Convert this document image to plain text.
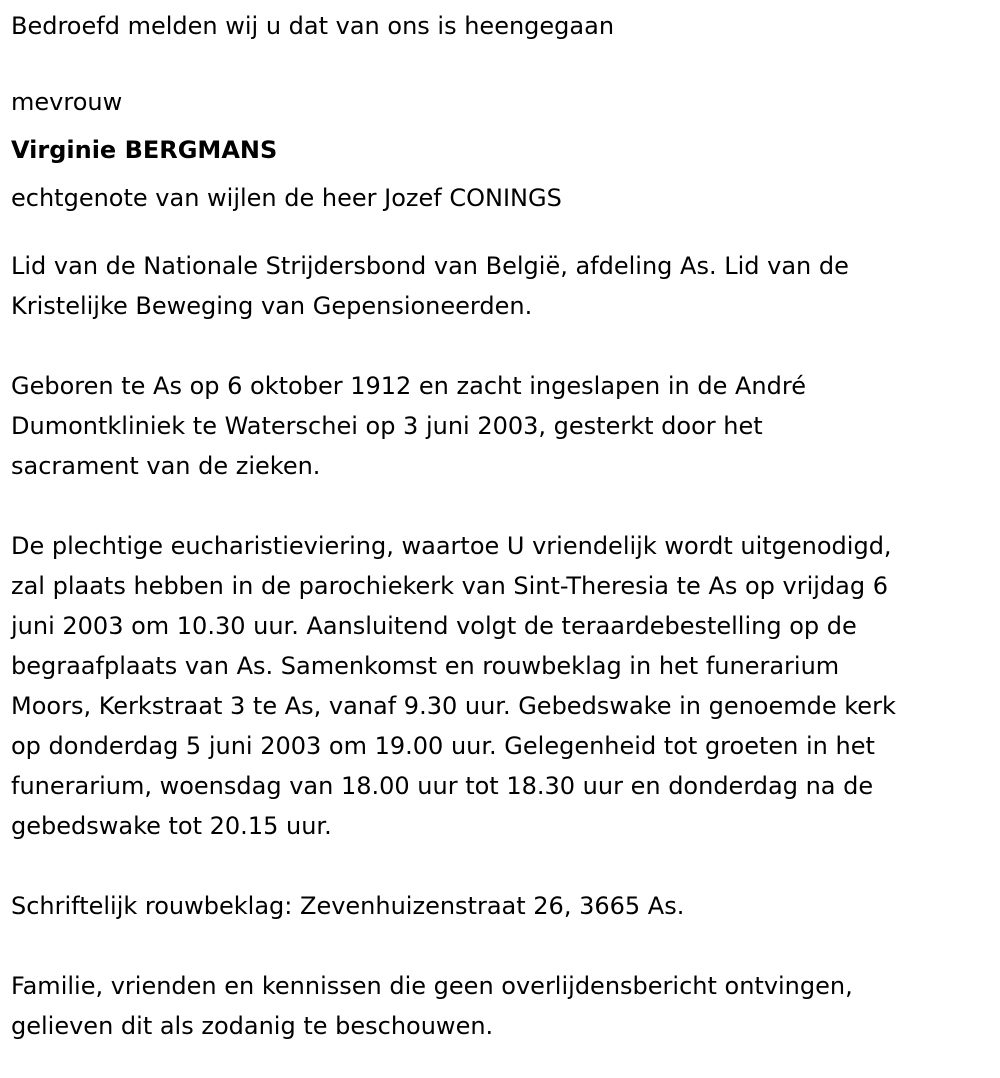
Bedroefd melden wij u dat van ons is heengegaan

mevrouw

Virginie BERGMANS

echtgenote van wijlen de heer Jozef CONINGS

Lid van de Nationale Strijdersbond van België, afdeling As. Lid van de

Kristelijke Beweging van Gepensioneerden.

Geboren te As op 6 oktober 1912 en zacht ingeslapen in de André

Dumontkliniek te Waterschei op 3 juni 2003, gesterkt door het

sacrament van de zieken.

De plechtige eucharistieviering, waartoe U vriendelijk wordt uitgenodigd,

zal plaats hebben in de parochiekerk van Sint-Theresia te As op vrijdag 6

juni 2003 om 10.30 uur. Aansluitend volgt de teraardebestelling op de

begraafplaats van As. Samenkomst en rouwbeklag in het funerarium

Moors, Kerkstraat 3 te As, vanaf 9.30 uur. Gebedswake in genoemde kerk

op donderdag 5 juni 2003 om 19.00 uur. Gelegenheid tot groeten in het

funerarium, woensdag van 18.00 uur tot 18.30 uur en donderdag na de

gebedswake tot 20.15 uur.

Schriftelijk rouwbeklag: Zevenhuizenstraat 26, 3665 As.

Familie, vrienden en kennissen die geen overlijdensbericht ontvingen,

gelieven dit als zodanig te beschouwen.
